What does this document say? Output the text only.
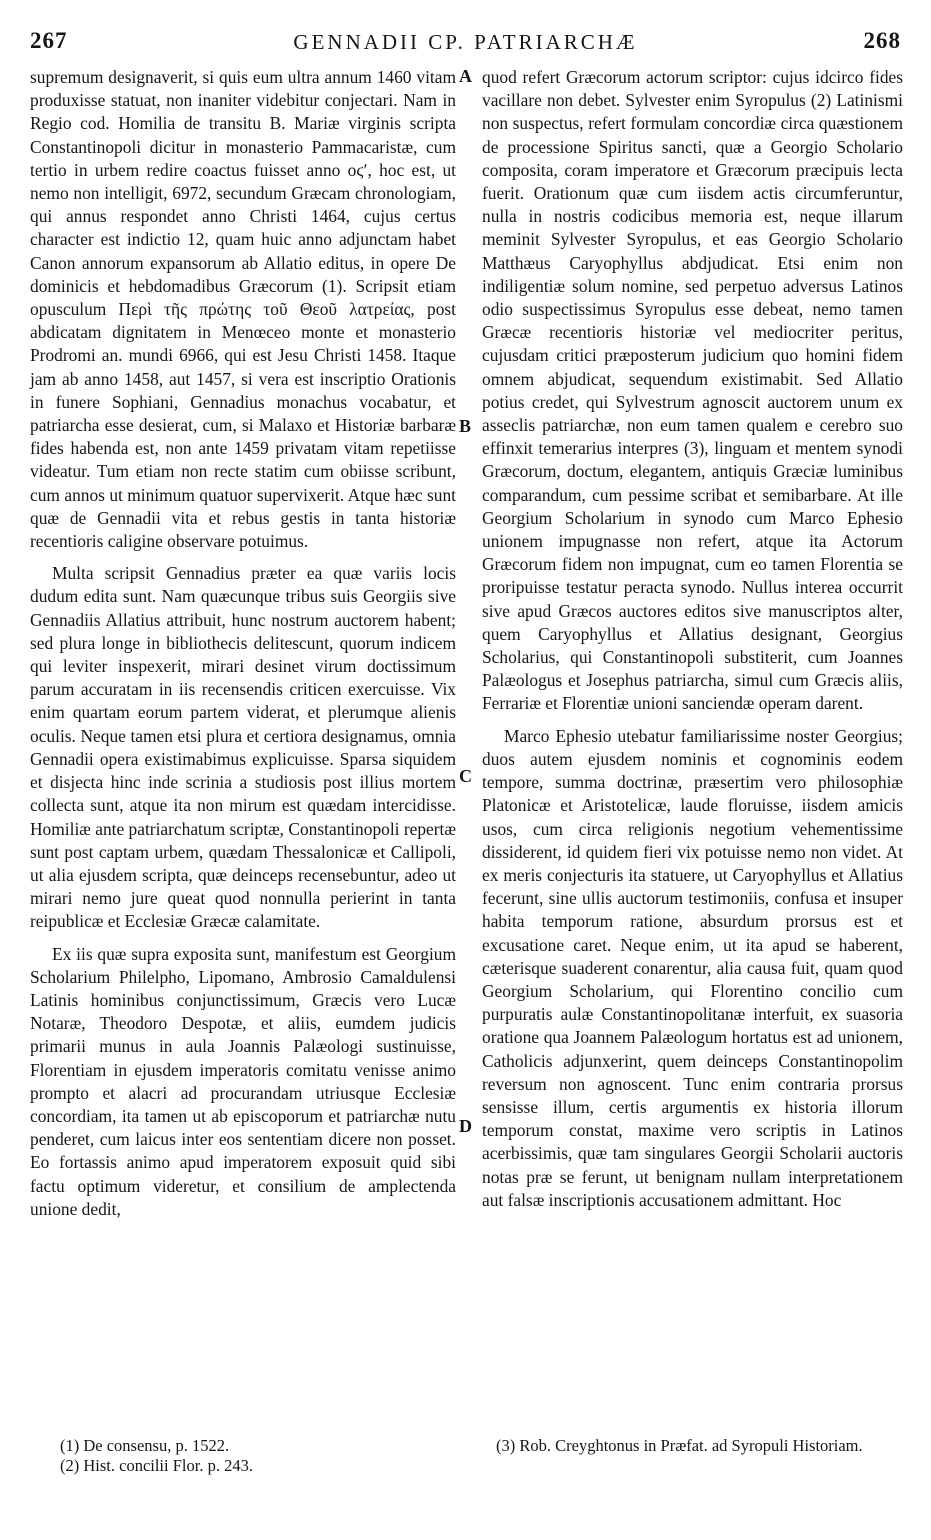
267	GENNADII CP. PATRIARCHÆ	268

supremum designaverit, si quis eum ultra annum 1460 vitam produxisse statuat, non inaniter videbitur conjectari. Nam in Regio cod. Homilia de transitu B. Mariæ virginis scripta Constantinopoli dicitur in monasterio Pammacaristæ, cum tertio in urbem redire coactus fuisset anno οϛʹ, hoc est, ut nemo non intelligit, 6972, secundum Græcam chronologiam, qui annus respondet anno Christi 1464, cujus certus character est indictio 12, quam huic anno adjunctam habet Canon annorum expansorum ab Allatio editus, in opere De dominicis et hebdomadibus Græcorum (1). Scripsit etiam opusculum Περὶ τῆς πρώτης τοῦ Θεοῦ λατρείας, post abdicatam dignitatem in Menœceo monte et monasterio Prodromi an. mundi 6966, qui est Jesu Christi 1458. Itaque jam ab anno 1458, aut 1457, si vera est inscriptio Orationis in funere Sophiani, Gennadius monachus vocabatur, et patriarcha esse desierat, cum, si Malaxo et Historiæ barbaræ fides habenda est, non ante 1459 privatam vitam repetiisse videatur. Tum etiam non recte statim cum obiisse scribunt, cum annos ut minimum quatuor supervixerit. Atque hæc sunt quæ de Gennadii vita et rebus gestis in tanta historiæ recentioris caligine observare potuimus.

Multa scripsit Gennadius præter ea quæ variis locis dudum edita sunt. Nam quæcunque tribus suis Georgiis sive Gennadiis Allatius attribuit, hunc nostrum auctorem habent; sed plura longe in bibliothecis delitescunt, quorum indicem qui leviter inspexerit, mirari desinet virum doctissimum parum accuratam in iis recensendis criticen exercuisse. Vix enim quartam eorum partem viderat, et plerumque alienis oculis. Neque tamen etsi plura et certiora designamus, omnia Gennadii opera existimabimus explicuisse. Sparsa siquidem et disjecta hinc inde scrinia a studiosis post illius mortem collecta sunt, atque ita non mirum est quædam intercidisse. Homiliæ ante patriarchatum scriptæ, Constantinopoli repertæ sunt post captam urbem, quædam Thessalonicæ et Callipoli, ut alia ejusdem scripta, quæ deinceps recensebuntur, adeo ut mirari nemo jure queat quod nonnulla perierint in tanta reipublicæ et Ecclesiæ Græcæ calamitate.

Ex iis quæ supra exposita sunt, manifestum est Georgium Scholarium Philelpho, Lipomano, Ambrosio Camaldulensi Latinis hominibus conjunctissimum, Græcis vero Lucæ Notaræ, Theodoro Despotæ, et aliis, eumdem judicis primarii munus in aula Joannis Palæologi sustinuisse, Florentiam in ejusdem imperatoris comitatu venisse animo prompto et alacri ad procurandam utriusque Ecclesiæ concordiam, ita tamen ut ab episcoporum et patriarchæ nutu penderet, cum laicus inter eos sententiam dicere non posset. Eo fortassis animo apud imperatorem exposuit quid sibi factu optimum videretur, et consilium de amplectenda unione dedit,

A
B
C
D

quod refert Græcorum actorum scriptor: cujus idcirco fides vacillare non debet. Sylvester enim Syropulus (2) Latinismi non suspectus, refert formulam concordiæ circa quæstionem de processione Spiritus sancti, quæ a Georgio Scholario composita, coram imperatore et Græcorum præcipuis lecta fuerit. Orationum quæ cum iisdem actis circumferuntur, nulla in nostris codicibus memoria est, neque illarum meminit Sylvester Syropulus, et eas Georgio Scholario Matthæus Caryophyllus abdjudicat. Etsi enim non indiligentiæ solum nomine, sed perpetuo adversus Latinos odio suspectissimus Syropulus esse debeat, nemo tamen Græcæ recentioris historiæ vel mediocriter peritus, cujusdam critici præposterum judicium quo homini fidem omnem abjudicat, sequendum existimabit. Sed Allatio potius credet, qui Sylvestrum agnoscit auctorem unum ex asseclis patriarchæ, non eum tamen qualem e cerebro suo effinxit temerarius interpres (3), linguam et mentem synodi Græcorum, doctum, elegantem, antiquis Græciæ luminibus comparandum, cum pessime scribat et semibarbare. At ille Georgium Scholarium in synodo cum Marco Ephesio unionem impugnasse non refert, atque ita Actorum Græcorum fidem non impugnat, cum eo tamen Florentia se proripuisse testatur peracta synodo. Nullus interea occurrit sive apud Græcos auctores editos sive manuscriptos alter, quem Caryophyllus et Allatius designant, Georgius Scholarius, qui Constantinopoli substiterit, cum Joannes Palæologus et Josephus patriarcha, simul cum Græcis aliis, Ferrariæ et Florentiæ unioni sanciendæ operam darent.

Marco Ephesio utebatur familiarissime noster Georgius; duos autem ejusdem nominis et cognominis eodem tempore, summa doctrinæ, præsertim vero philosophiæ Platonicæ et Aristotelicæ, laude floruisse, iisdem amicis usos, cum circa religionis negotium vehementissime dissiderent, id quidem fieri vix potuisse nemo non videt. At ex meris conjecturis ita statuere, ut Caryophyllus et Allatius fecerunt, sine ullis auctorum testimoniis, confusa et insuper habita temporum ratione, absurdum prorsus est et excusatione caret. Neque enim, ut ita apud se haberent, cæterisque suaderent conarentur, alia causa fuit, quam quod Georgium Scholarium, qui Florentino concilio cum purpuratis aulæ Constantinopolitanæ interfuit, ex suasoria oratione qua Joannem Palæologum hortatus est ad unionem, Catholicis adjunxerint, quem deinceps Constantinopolim reversum non agnoscent. Tunc enim contraria prorsus sensisse illum, certis argumentis ex historia illorum temporum constat, maxime vero scriptis in Latinos acerbissimis, quæ tam singulares Georgii Scholarii auctoris notas præ se ferunt, ut benignam nullam interpretationem aut falsæ inscriptionis accusationem admittant. Hoc

(1) De consensu, p. 1522.
(2) Hist. concilii Flor. p. 243.
(3) Rob. Creyghtonus in Præfat. ad Syropuli Historiam.
